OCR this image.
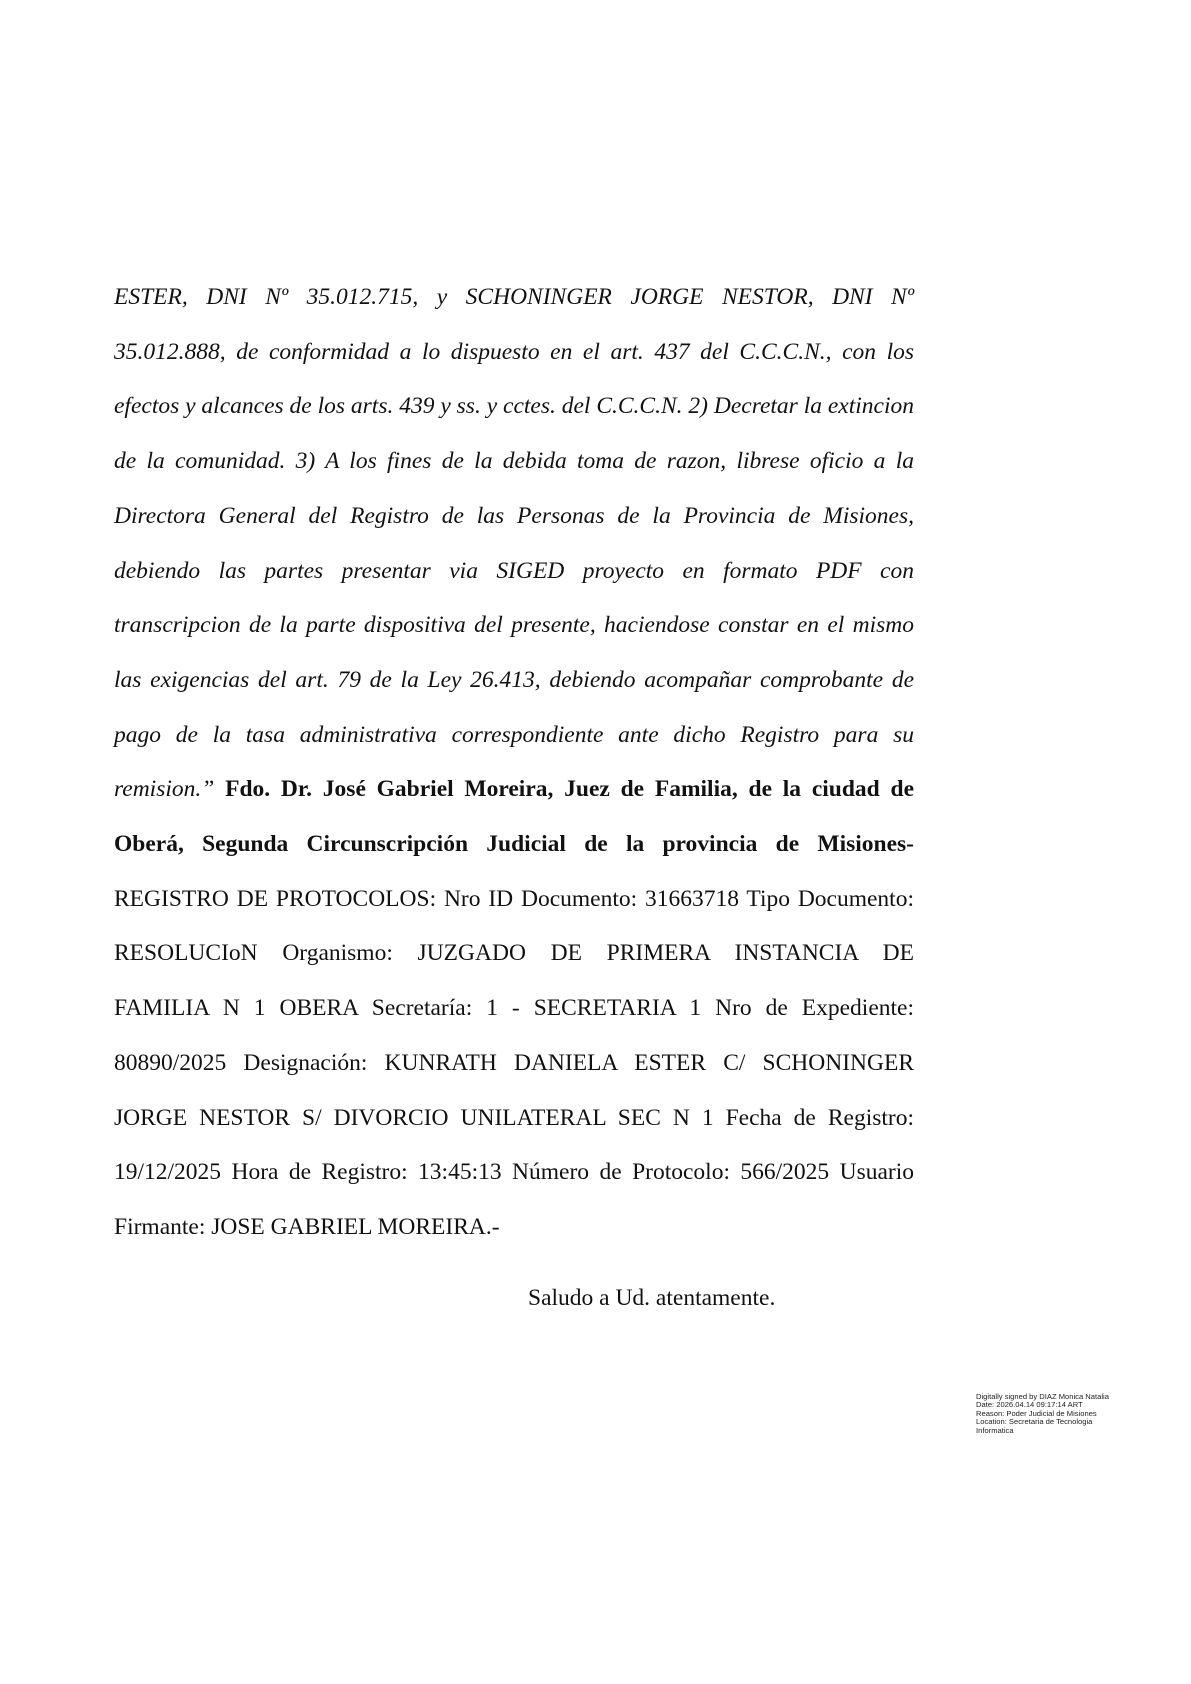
ESTER, DNI Nº 35.012.715, y SCHONINGER JORGE NESTOR, DNI Nº
35.012.888, de conformidad a lo dispuesto en el art. 437 del C.C.C.N., con los
efectos y alcances de los arts. 439 y ss. y cctes. del C.C.C.N. 2) Decretar la extincion
de la comunidad. 3) A los fines de la debida toma de razon, librese oficio a la
Directora General del Registro de las Personas de la Provincia de Misiones,
debiendo las partes presentar via SIGED proyecto en formato PDF con
transcripcion de la parte dispositiva del presente, haciendose constar en el mismo
las exigencias del art. 79 de la Ley 26.413, debiendo acompañar comprobante de
pago de la tasa administrativa correspondiente ante dicho Registro para su
remision.” Fdo. Dr. José Gabriel Moreira, Juez de Familia, de la ciudad de
Oberá, Segunda Circunscripción Judicial de la provincia de Misiones-
REGISTRO DE PROTOCOLOS: Nro ID Documento: 31663718 Tipo Documento:
RESOLUCIoN Organismo: JUZGADO DE PRIMERA INSTANCIA DE
FAMILIA N 1 OBERA Secretaría: 1 - SECRETARIA 1 Nro de Expediente:
80890/2025 Designación: KUNRATH DANIELA ESTER C/ SCHONINGER
JORGE NESTOR S/ DIVORCIO UNILATERAL SEC N 1 Fecha de Registro:
19/12/2025 Hora de Registro: 13:45:13 Número de Protocolo: 566/2025 Usuario
Firmante: JOSE GABRIEL MOREIRA.-
Saludo a Ud. atentamente.
Digitally signed by DIAZ Monica Natalia
Date: 2026.04.14 09:17:14 ART
Reason: Poder Judicial de Misiones
Location: Secretaria de Tecnologia
Informatica
